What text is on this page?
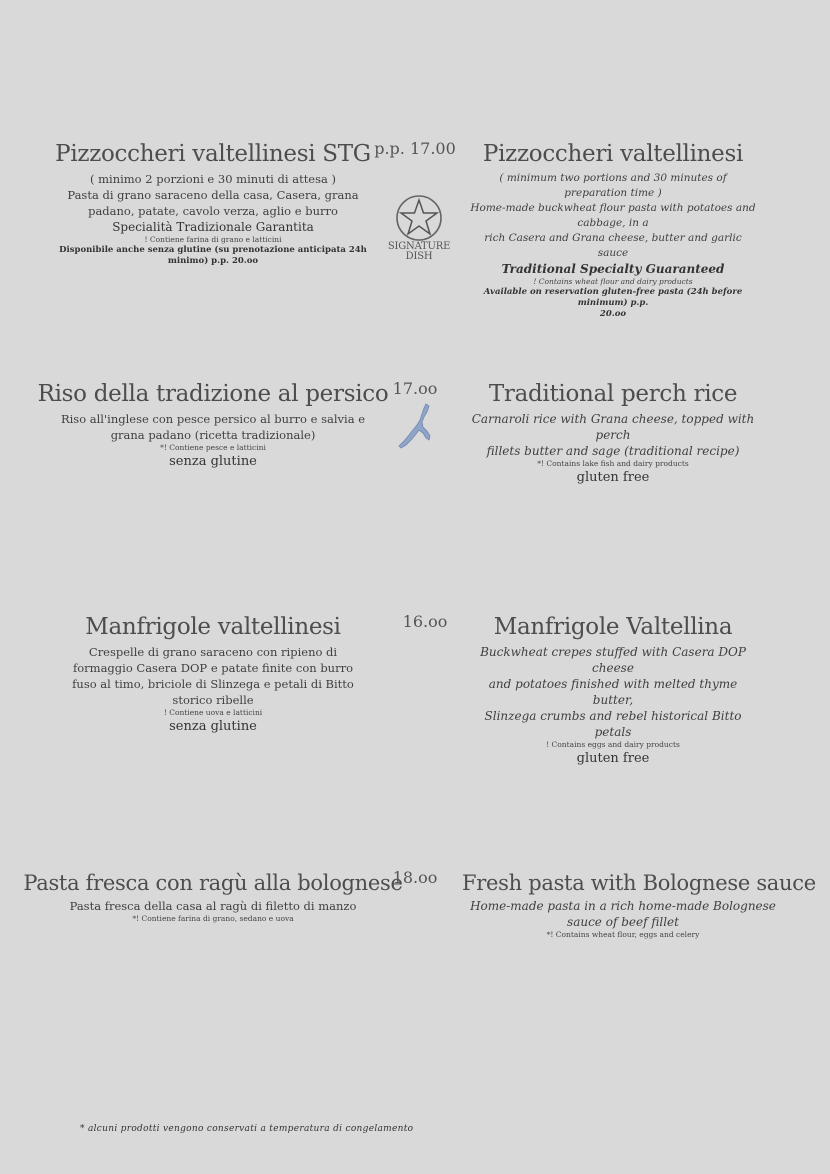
Pizzoccheri valtellinesi STG
( minimo 2 porzioni e 30 minuti di attesa )
Pasta di grano saraceno della casa, Casera, grana
padano, patate, cavolo verza, aglio e burro
Specialità Tradizionale Garantita
! Contiene farina di grano e latticini
Disponibile anche senza glutine (su prenotazione anticipata 24h
minimo) p.p. 20.oo
p.p. 17.00
SIGNATURE
DISH
Pizzoccheri valtellinesi
( minimum two portions and 30 minutes of preparation time )
Home-made buckwheat flour pasta with potatoes and cabbage, in a
rich Casera and Grana cheese, butter and garlic sauce
Traditional Specialty Guaranteed
! Contains wheat flour and dairy products
Available on reservation gluten-free pasta (24h before minimum) p.p.
20.oo
Riso della tradizione al persico
Riso all'inglese con pesce persico al burro e salvia e
grana padano (ricetta tradizionale)
*! Contiene pesce e latticini
senza glutine
17.oo	Traditional perch rice
Carnaroli rice with Grana cheese, topped with perch
fillets butter and sage (traditional recipe)
*! Contains lake fish and dairy products
gluten free
Manfrigole valtellinesi
Crespelle di grano saraceno con ripieno di
formaggio Casera DOP e patate finite con burro
fuso al timo, briciole di Slinzega e petali di Bitto
storico ribelle
! Contiene uova e latticini
senza glutine
16.oo	Manfrigole Valtellina
Buckwheat crepes stuffed with Casera DOP cheese
and potatoes finished with melted thyme butter,
Slinzega crumbs and rebel historical Bitto petals
! Contains eggs and dairy products
gluten free
Pasta fresca con ragù alla bolognese
Pasta fresca della casa al ragù di filetto di manzo
*! Contiene farina di grano, sedano e uova
18.oo	Fresh pasta with Bolognese sauce
Home-made pasta in a rich home-made Bolognese
sauce of beef fillet
*! Contains wheat flour, eggs and celery
* alcuni prodotti vengono conservati a temperatura di congelamento
